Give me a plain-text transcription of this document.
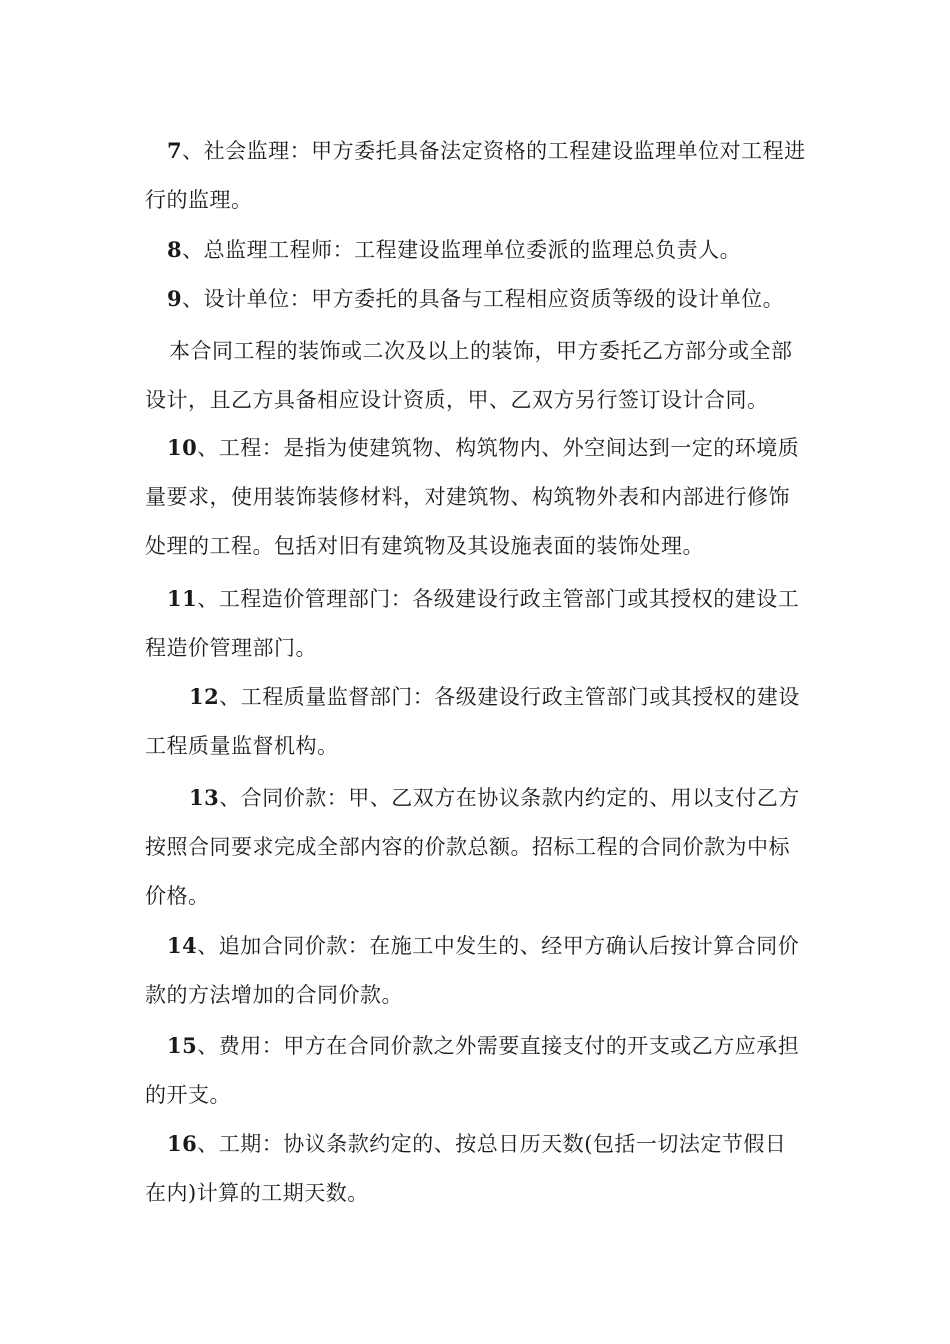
7、社会监理：甲方委托具备法定资格的工程建设监理单位对工程进行的监理。

8、总监理工程师：工程建设监理单位委派的监理总负责人。

9、设计单位：甲方委托的具备与工程相应资质等级的设计单位。

本合同工程的装饰或二次及以上的装饰，甲方委托乙方部分或全部设计，且乙方具备相应设计资质，甲、乙双方另行签订设计合同。

10、工程：是指为使建筑物、构筑物内、外空间达到一定的环境质量要求，使用装饰装修材料，对建筑物、构筑物外表和内部进行修饰处理的工程。包括对旧有建筑物及其设施表面的装饰处理。

11、工程造价管理部门：各级建设行政主管部门或其授权的建设工程造价管理部门。

12、工程质量监督部门：各级建设行政主管部门或其授权的建设工程质量监督机构。

13、合同价款：甲、乙双方在协议条款内约定的、用以支付乙方按照合同要求完成全部内容的价款总额。招标工程的合同价款为中标价格。

14、追加合同价款：在施工中发生的、经甲方确认后按计算合同价款的方法增加的合同价款。

15、费用：甲方在合同价款之外需要直接支付的开支或乙方应承担的开支。

16、工期：协议条款约定的、按总日历天数(包括一切法定节假日在内)计算的工期天数。
